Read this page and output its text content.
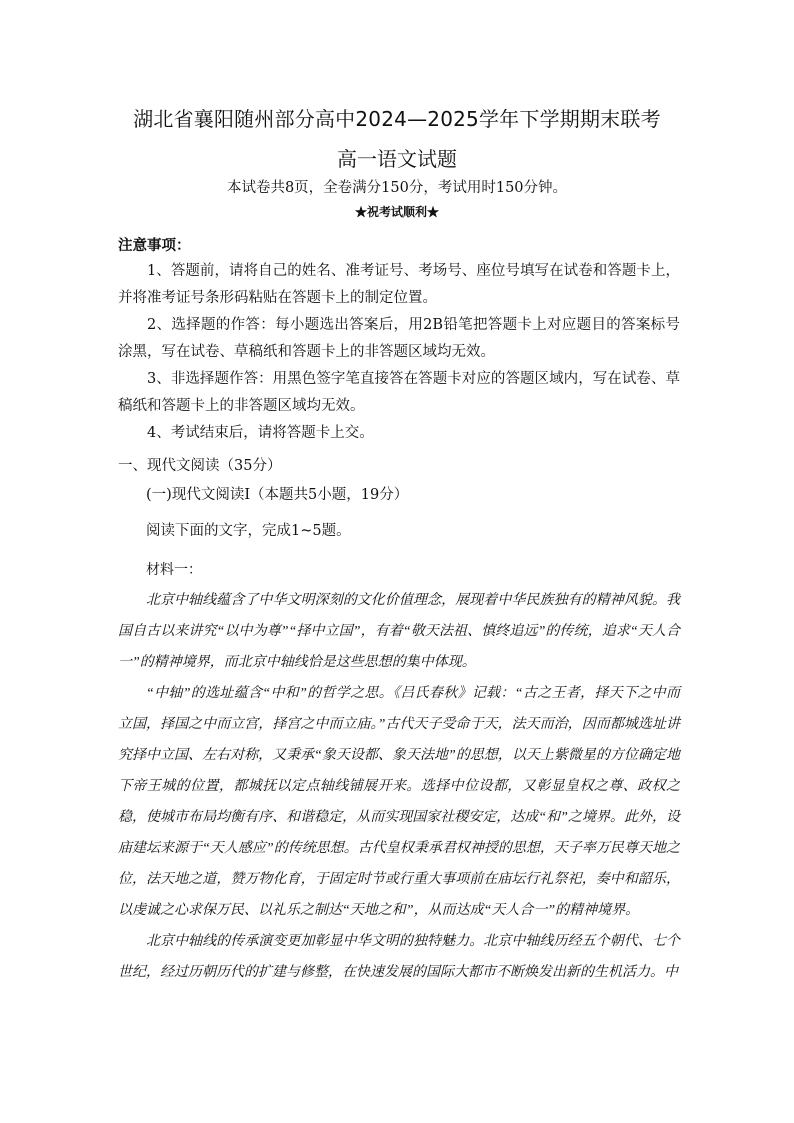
湖北省襄阳随州部分高中2024—2025学年下学期期末联考
高一语文试题
本试卷共8页，全卷满分150分，考试用时150分钟。
★祝考试顺利★
注意事项：

1、答题前，请将自己的姓名、准考证号、考场号、座位号填写在试卷和答题卡上，并将准考证号条形码粘贴在答题卡上的制定位置。

2、选择题的作答：每小题选出答案后，用2B铅笔把答题卡上对应题目的答案标号涂黑，写在试卷、草稿纸和答题卡上的非答题区域均无效。

3、非选择题作答：用黑色签字笔直接答在答题卡对应的答题区域内，写在试卷、草稿纸和答题卡上的非答题区域均无效。

4、考试结束后，请将答题卡上交。

一、现代文阅读（35分）
(一)现代文阅读Ⅰ（本题共5小题，19分）
阅读下面的文字，完成1~5题。
材料一：

北京中轴线蕴含了中华文明深刻的文化价值理念，展现着中华民族独有的精神风貌。我国自古以来讲究“以中为尊”“择中立国”，有着“敬天法祖、慎终追远”的传统，追求“天人合一”的精神境界，而北京中轴线恰是这些思想的集中体现。

“中轴”的选址蕴含“中和”的哲学之思。《吕氏春秋》记载：“古之王者，择天下之中而立国，择国之中而立宫，择宫之中而立庙。”古代天子受命于天，法天而治，因而都城选址讲究择中立国、左右对称，又秉承“象天设都、象天法地”的思想，以天上紫微星的方位确定地下帝王城的位置，都城抚以定点轴线铺展开来。选择中位设都，又彰显皇权之尊、政权之稳，使城市布局均衡有序、和谐稳定，从而实现国家社稷安定，达成“和”之境界。此外，设庙建坛来源于“天人感应”的传统思想。古代皇权秉承君权神授的思想，天子率万民尊天地之位，法天地之道，赞万物化育，于固定时节或行重大事项前在庙坛行礼祭祀，奏中和韶乐，以虔诚之心求保万民、以礼乐之制达“天地之和”，从而达成“天人合一”的精神境界。

北京中轴线的传承演变更加彰显中华文明的独特魅力。北京中轴线历经五个朝代、七个世纪，经过历朝历代的扩建与修整，在快速发展的国际大都市不断焕发出新的生机活力。中
